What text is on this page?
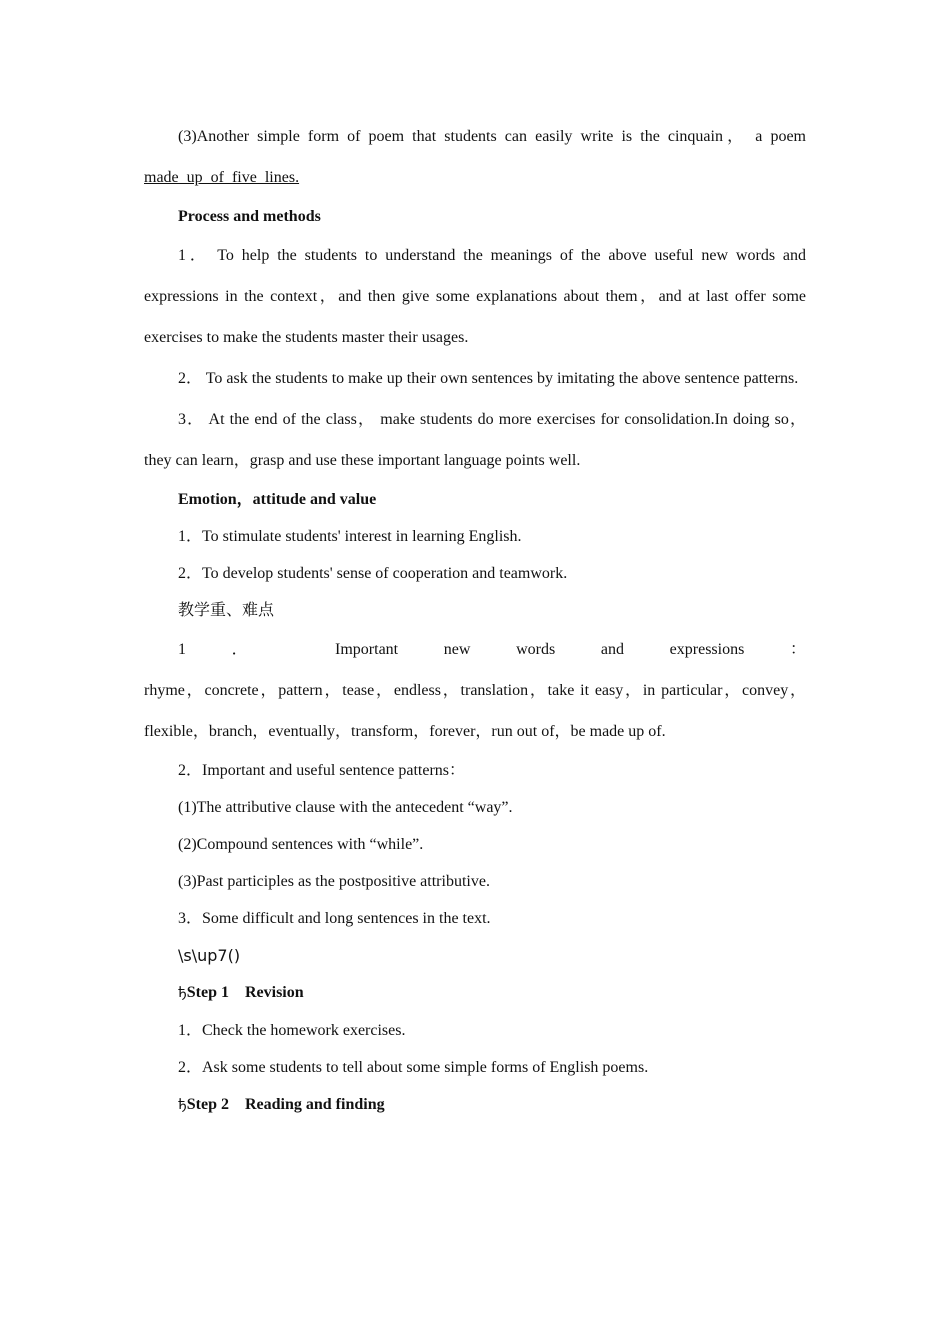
(3)Another simple form of poem that students can easily write is the cinquain， a poem

made_up_of_five_lines.

Process and methods

1． To help the students to understand the meanings of the above useful new words and expressions in the context，and then give some explanations about them，and at last offer some exercises to make the students master their usages.

2． To ask the students to make up their own sentences by imitating the above sentence patterns.

3． At the end of the class， make students do more exercises for consolidation.In doing so，they can learn，grasp and use these important language points well.

Emotion，attitude and value

1．To stimulate students' interest in learning English.

2．To develop students' sense of cooperation and teamwork.

教学重、难点

1 ． Important new words and expressions ：

rhyme，concrete，pattern，tease，endless，translation，take it easy，in particular，convey，flexible，branch，eventually，transform，forever，run out of，be made up of.

2．Important and useful sentence patterns：

(1)The attributive clause with the antecedent “way”.

(2)Compound sentences with “while”.

(3)Past participles as the postpositive attributive.

3．Some difficult and long sentences in the text.

\s\up7()

ђStep 1　Revision

1．Check the homework exercises.

2．Ask some students to tell about some simple forms of English poems.

ђStep 2　Reading and finding
